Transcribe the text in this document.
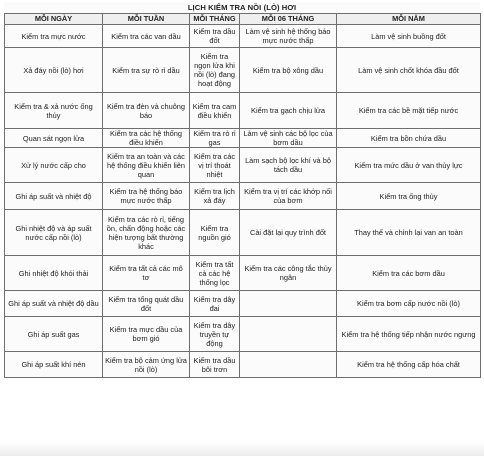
LỊCH KIỂM TRA NỒI (LÒ) HƠI
MỖI NGÀY	MỖI TUẦN	MỖI THÁNG	MỖI 06 THÁNG	MỖI NĂM
Kiểm tra mực nước	Kiểm tra các van dầu	Kiểm tra dầu đốt	Làm vệ sinh hệ thống báo mực nước thấp	Làm vệ sinh buồng đốt
Xả đáy nồi (lò) hơi	Kiểm tra sự rò rỉ dầu	Kiểm tra ngọn lửa khi nồi (lò) đang hoạt động	Kiểm tra bộ xông dầu	Làm vệ sinh chốt khóa đầu đốt
Kiểm tra & xả nước ống thủy	Kiểm tra đèn và chuông báo	Kiểm tra cam điều khiển	Kiểm tra gạch chịu lửa	Kiểm tra các bề mặt tiếp nước
Quan sát ngọn lửa	Kiểm tra các hệ thống điều khiển	Kiểm tra rò rỉ gas	Làm vệ sinh các bộ lọc của bơm dầu	Kiểm tra bồn chứa dầu
Xử lý nước cấp cho	Kiểm tra an toàn và các hệ thống điều khiển liên quan	Kiểm tra các vị trí thoát nhiệt	Làm sạch bộ lọc khí và bộ tách dầu	Kiểm tra mức dầu ở van thủy lực
Ghi áp suất và nhiệt độ	Kiểm tra hệ thống báo mực nước thấp	Kiểm tra lịch xả đáy	Kiểm tra vị trí các khớp nối của bơm	Kiểm tra ống thủy
Ghi nhiệt độ và áp suất nước cấp nồi (lò)	Kiểm tra các rò rỉ, tiếng ồn, chấn động hoặc các hiện tượng bất thường khác	Kiểm tra nguồn gió	Cài đặt lại quy trình đốt	Thay thế và chỉnh lại van an toàn
Ghi nhiệt độ khói thải	Kiểm tra tất cả các mô tơ	Kiểm tra tất cả các hệ thống lọc	Kiểm tra các công tắc thủy ngân	Kiểm tra các bơm dầu
Ghi áp suất và nhiệt độ dầu	Kiểm tra tổng quát dầu đốt	Kiểm tra dây đai		Kiểm tra bơm cấp nước nồi (lò)
Ghi áp suất gas	Kiểm tra mực dầu của bơm gió	Kiểm tra dây truyền tự động		Kiểm tra hệ thống tiếp nhận nước ngưng
Ghi áp suất khí nén	Kiểm tra bộ cảm ứng lửa nồi (lò)	Kiểm tra dầu bôi trơn		Kiểm tra hệ thống cấp hóa chất
